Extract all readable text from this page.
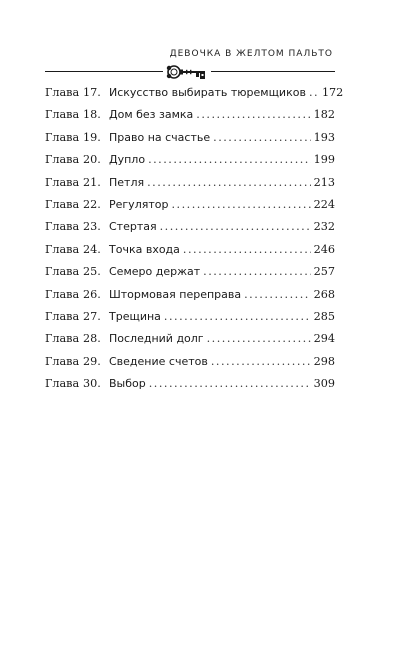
ДЕВОЧКА В ЖЕЛТОМ ПАЛЬТО
Глава 17. Искусство выбирать тюремщиков ..... 172
Глава 18. Дом без замка .....	182
Глава 19. Право на счастье .....	193
Глава 20. Дупло .....	199
Глава 21. Петля .....	213
Глава 22. Регулятор .....	224
Глава 23. Стертая .....	232
Глава 24. Точка входа .....	246
Глава 25. Семеро держат .....	257
Глава 26. Штормовая переправа .....	268
Глава 27. Трещина .....	285
Глава 28. Последний долг .....	294
Глава 29. Сведение счетов .....	298
Глава 30. Выбор .....	309
